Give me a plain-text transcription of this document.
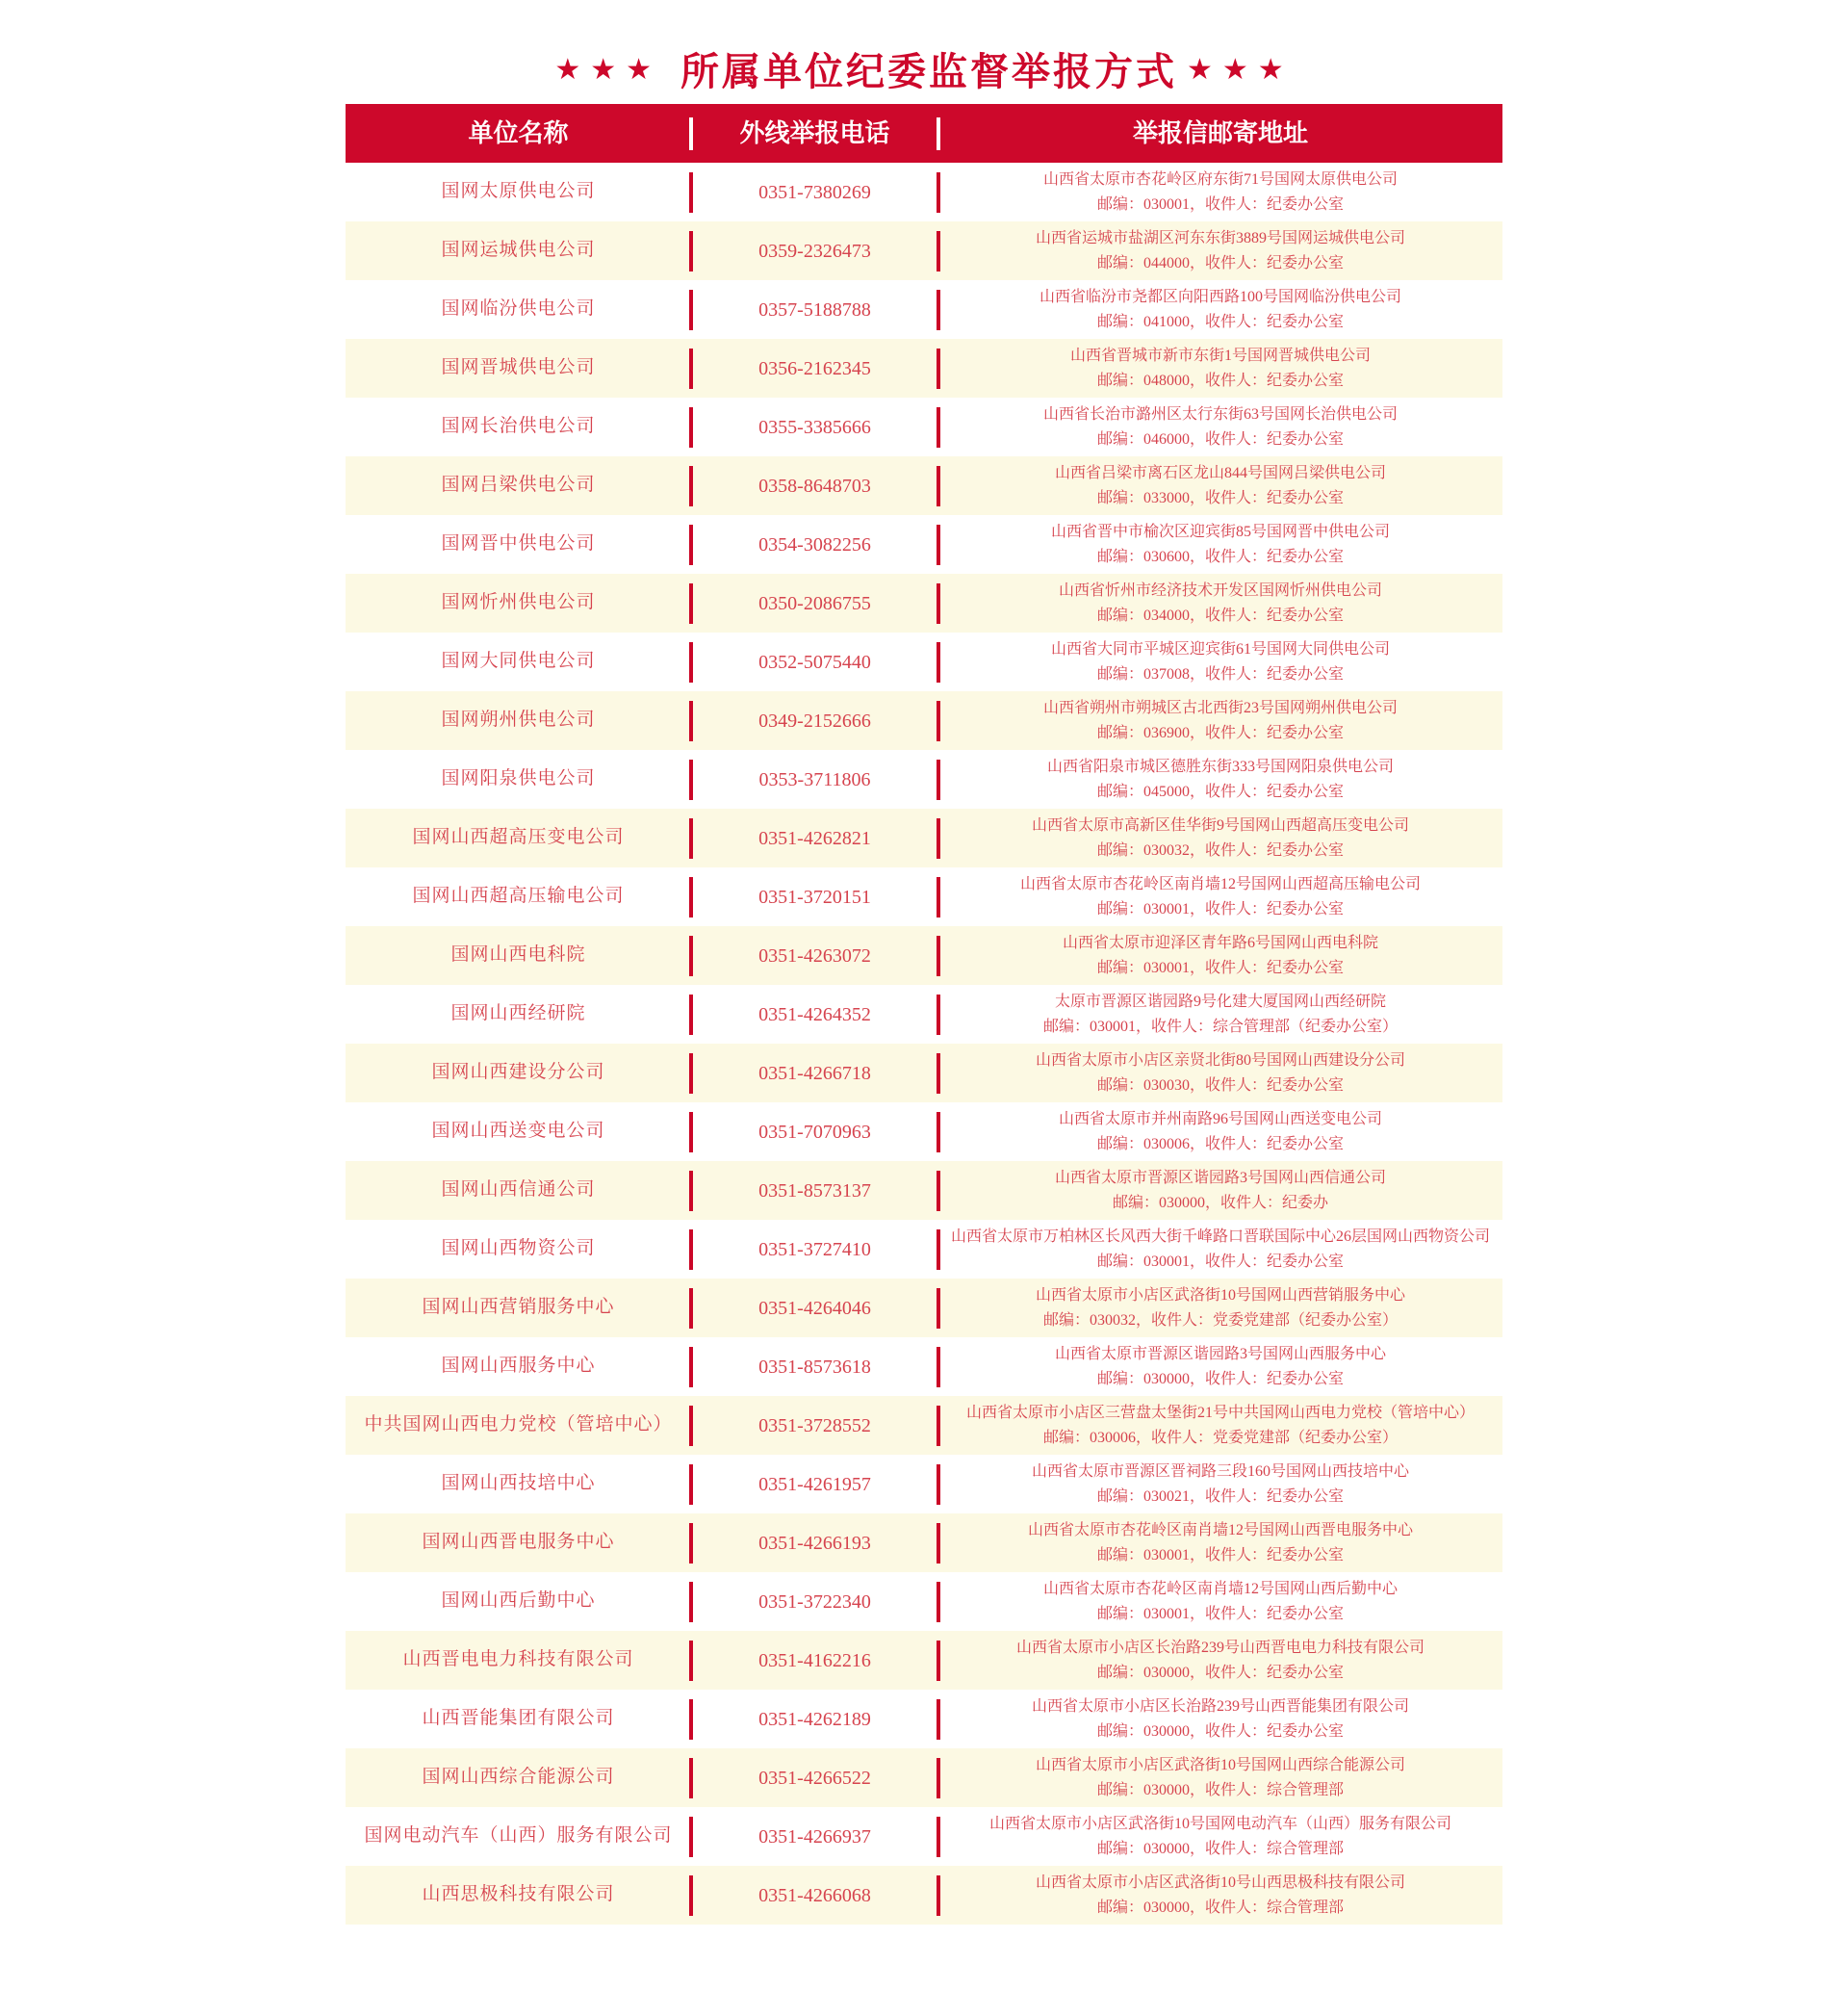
★★★ 所属单位纪委监督举报方式 ★★★
单位名称	外线举报电话	举报信邮寄地址
国网太原供电公司	0351-7380269
山西省太原市杏花岭区府东街71号国网太原供电公司
邮编：030001，收件人：纪委办公室
国网运城供电公司	0359-2326473
山西省运城市盐湖区河东东街3889号国网运城供电公司
邮编：044000，收件人：纪委办公室
国网临汾供电公司	0357-5188788
山西省临汾市尧都区向阳西路100号国网临汾供电公司
邮编：041000，收件人：纪委办公室
国网晋城供电公司	0356-2162345
山西省晋城市新市东街1号国网晋城供电公司
邮编：048000，收件人：纪委办公室
国网长治供电公司	0355-3385666
山西省长治市潞州区太行东街63号国网长治供电公司
邮编：046000，收件人：纪委办公室
国网吕梁供电公司	0358-8648703
山西省吕梁市离石区龙山844号国网吕梁供电公司
邮编：033000，收件人：纪委办公室
国网晋中供电公司	0354-3082256
山西省晋中市榆次区迎宾街85号国网晋中供电公司
邮编：030600，收件人：纪委办公室
国网忻州供电公司	0350-2086755
山西省忻州市经济技术开发区国网忻州供电公司
邮编：034000，收件人：纪委办公室
国网大同供电公司	0352-5075440
山西省大同市平城区迎宾街61号国网大同供电公司
邮编：037008，收件人：纪委办公室
国网朔州供电公司	0349-2152666
山西省朔州市朔城区古北西街23号国网朔州供电公司
邮编：036900，收件人：纪委办公室
国网阳泉供电公司	0353-3711806
山西省阳泉市城区德胜东街333号国网阳泉供电公司
邮编：045000，收件人：纪委办公室
国网山西超高压变电公司	0351-4262821
山西省太原市高新区佳华街9号国网山西超高压变电公司
邮编：030032，收件人：纪委办公室
国网山西超高压输电公司	0351-3720151
山西省太原市杏花岭区南肖墙12号国网山西超高压输电公司
邮编：030001，收件人：纪委办公室
国网山西电科院	0351-4263072
山西省太原市迎泽区青年路6号国网山西电科院
邮编：030001，收件人：纪委办公室
国网山西经研院	0351-4264352
太原市晋源区谐园路9号化建大厦国网山西经研院
邮编：030001，收件人：综合管理部（纪委办公室）
国网山西建设分公司	0351-4266718
山西省太原市小店区亲贤北街80号国网山西建设分公司
邮编：030030，收件人：纪委办公室
国网山西送变电公司	0351-7070963
山西省太原市并州南路96号国网山西送变电公司
邮编：030006，收件人：纪委办公室
国网山西信通公司	0351-8573137
山西省太原市晋源区谐园路3号国网山西信通公司
邮编：030000，收件人：纪委办
国网山西物资公司	0351-3727410
山西省太原市万柏林区长风西大街千峰路口晋联国际中心26层国网山西物资公司
邮编：030001，收件人：纪委办公室
国网山西营销服务中心	0351-4264046
山西省太原市小店区武洛街10号国网山西营销服务中心
邮编：030032，收件人：党委党建部（纪委办公室）
国网山西服务中心	0351-8573618
山西省太原市晋源区谐园路3号国网山西服务中心
邮编：030000，收件人：纪委办公室
中共国网山西电力党校（管培中心）	0351-3728552
山西省太原市小店区三营盘太堡街21号中共国网山西电力党校（管培中心）
邮编：030006，收件人：党委党建部（纪委办公室）
国网山西技培中心	0351-4261957
山西省太原市晋源区晋祠路三段160号国网山西技培中心
邮编：030021，收件人：纪委办公室
国网山西晋电服务中心	0351-4266193
山西省太原市杏花岭区南肖墙12号国网山西晋电服务中心
邮编：030001，收件人：纪委办公室
国网山西后勤中心	0351-3722340
山西省太原市杏花岭区南肖墙12号国网山西后勤中心
邮编：030001，收件人：纪委办公室
山西晋电电力科技有限公司	0351-4162216
山西省太原市小店区长治路239号山西晋电电力科技有限公司
邮编：030000，收件人：纪委办公室
山西晋能集团有限公司	0351-4262189
山西省太原市小店区长治路239号山西晋能集团有限公司
邮编：030000，收件人：纪委办公室
国网山西综合能源公司	0351-4266522
山西省太原市小店区武洛街10号国网山西综合能源公司
邮编：030000，收件人：综合管理部
国网电动汽车（山西）服务有限公司	0351-4266937
山西省太原市小店区武洛街10号国网电动汽车（山西）服务有限公司
邮编：030000，收件人：综合管理部
山西思极科技有限公司	0351-4266068
山西省太原市小店区武洛街10号山西思极科技有限公司
邮编：030000，收件人：综合管理部
